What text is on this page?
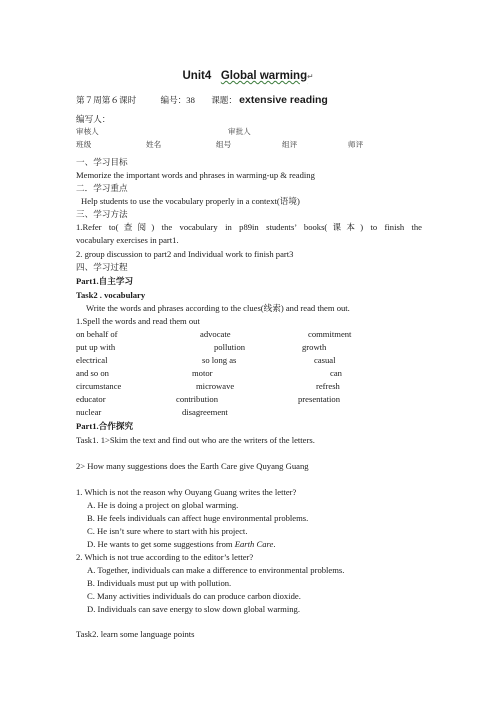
Unit4 Global warming↵
第７周第６课时	编号：38 课题： extensive reading
编写人：
审核人	审批人
班级	姓名	组号	组评	师评
一、学习目标
Memorize the important words and phrases in warming-up & reading
二．学习重点
Help students to use the vocabulary properly in a context(语境)
三、学习方法
1.Refer to(查阅) the vocabulary in p89in students’ books(课本) to finish the
vocabulary exercises in part1.
2. group discussion to part2 and Individual work to finish part3
四、学习过程
Part1.自主学习
Task2 . vocabulary
Write the words and phrases according to the clues(线索) and read them out.
1.Spell the words and read them out
on behalf of	advocate	commitment
put up with	pollution	growth
electrical	so long as	casual
and so on	motor	can
circumstance	microwave	refresh
educator	contribution	presentation
nuclear	disagreement
Part1.合作探究
Task1. 1>Skim the text and find out who are the writers of the letters.
2> How many suggestions does the Earth Care give Quyang Guang
1. Which is not the reason why Ouyang Guang writes the letter?
A. He is doing a project on global warming.
B. He feels individuals can affect huge environmental problems.
C. He isn’t sure where to start with his project.
D. He wants to get some suggestions from Earth Care.
2. Which is not true according to the editor’s letter?
A. Together, individuals can make a difference to environmental problems.
B. Individuals must put up with pollution.
C. Many activities individuals do can produce carbon dioxide.
D. Individuals can save energy to slow down global warming.
Task2. learn some language points
